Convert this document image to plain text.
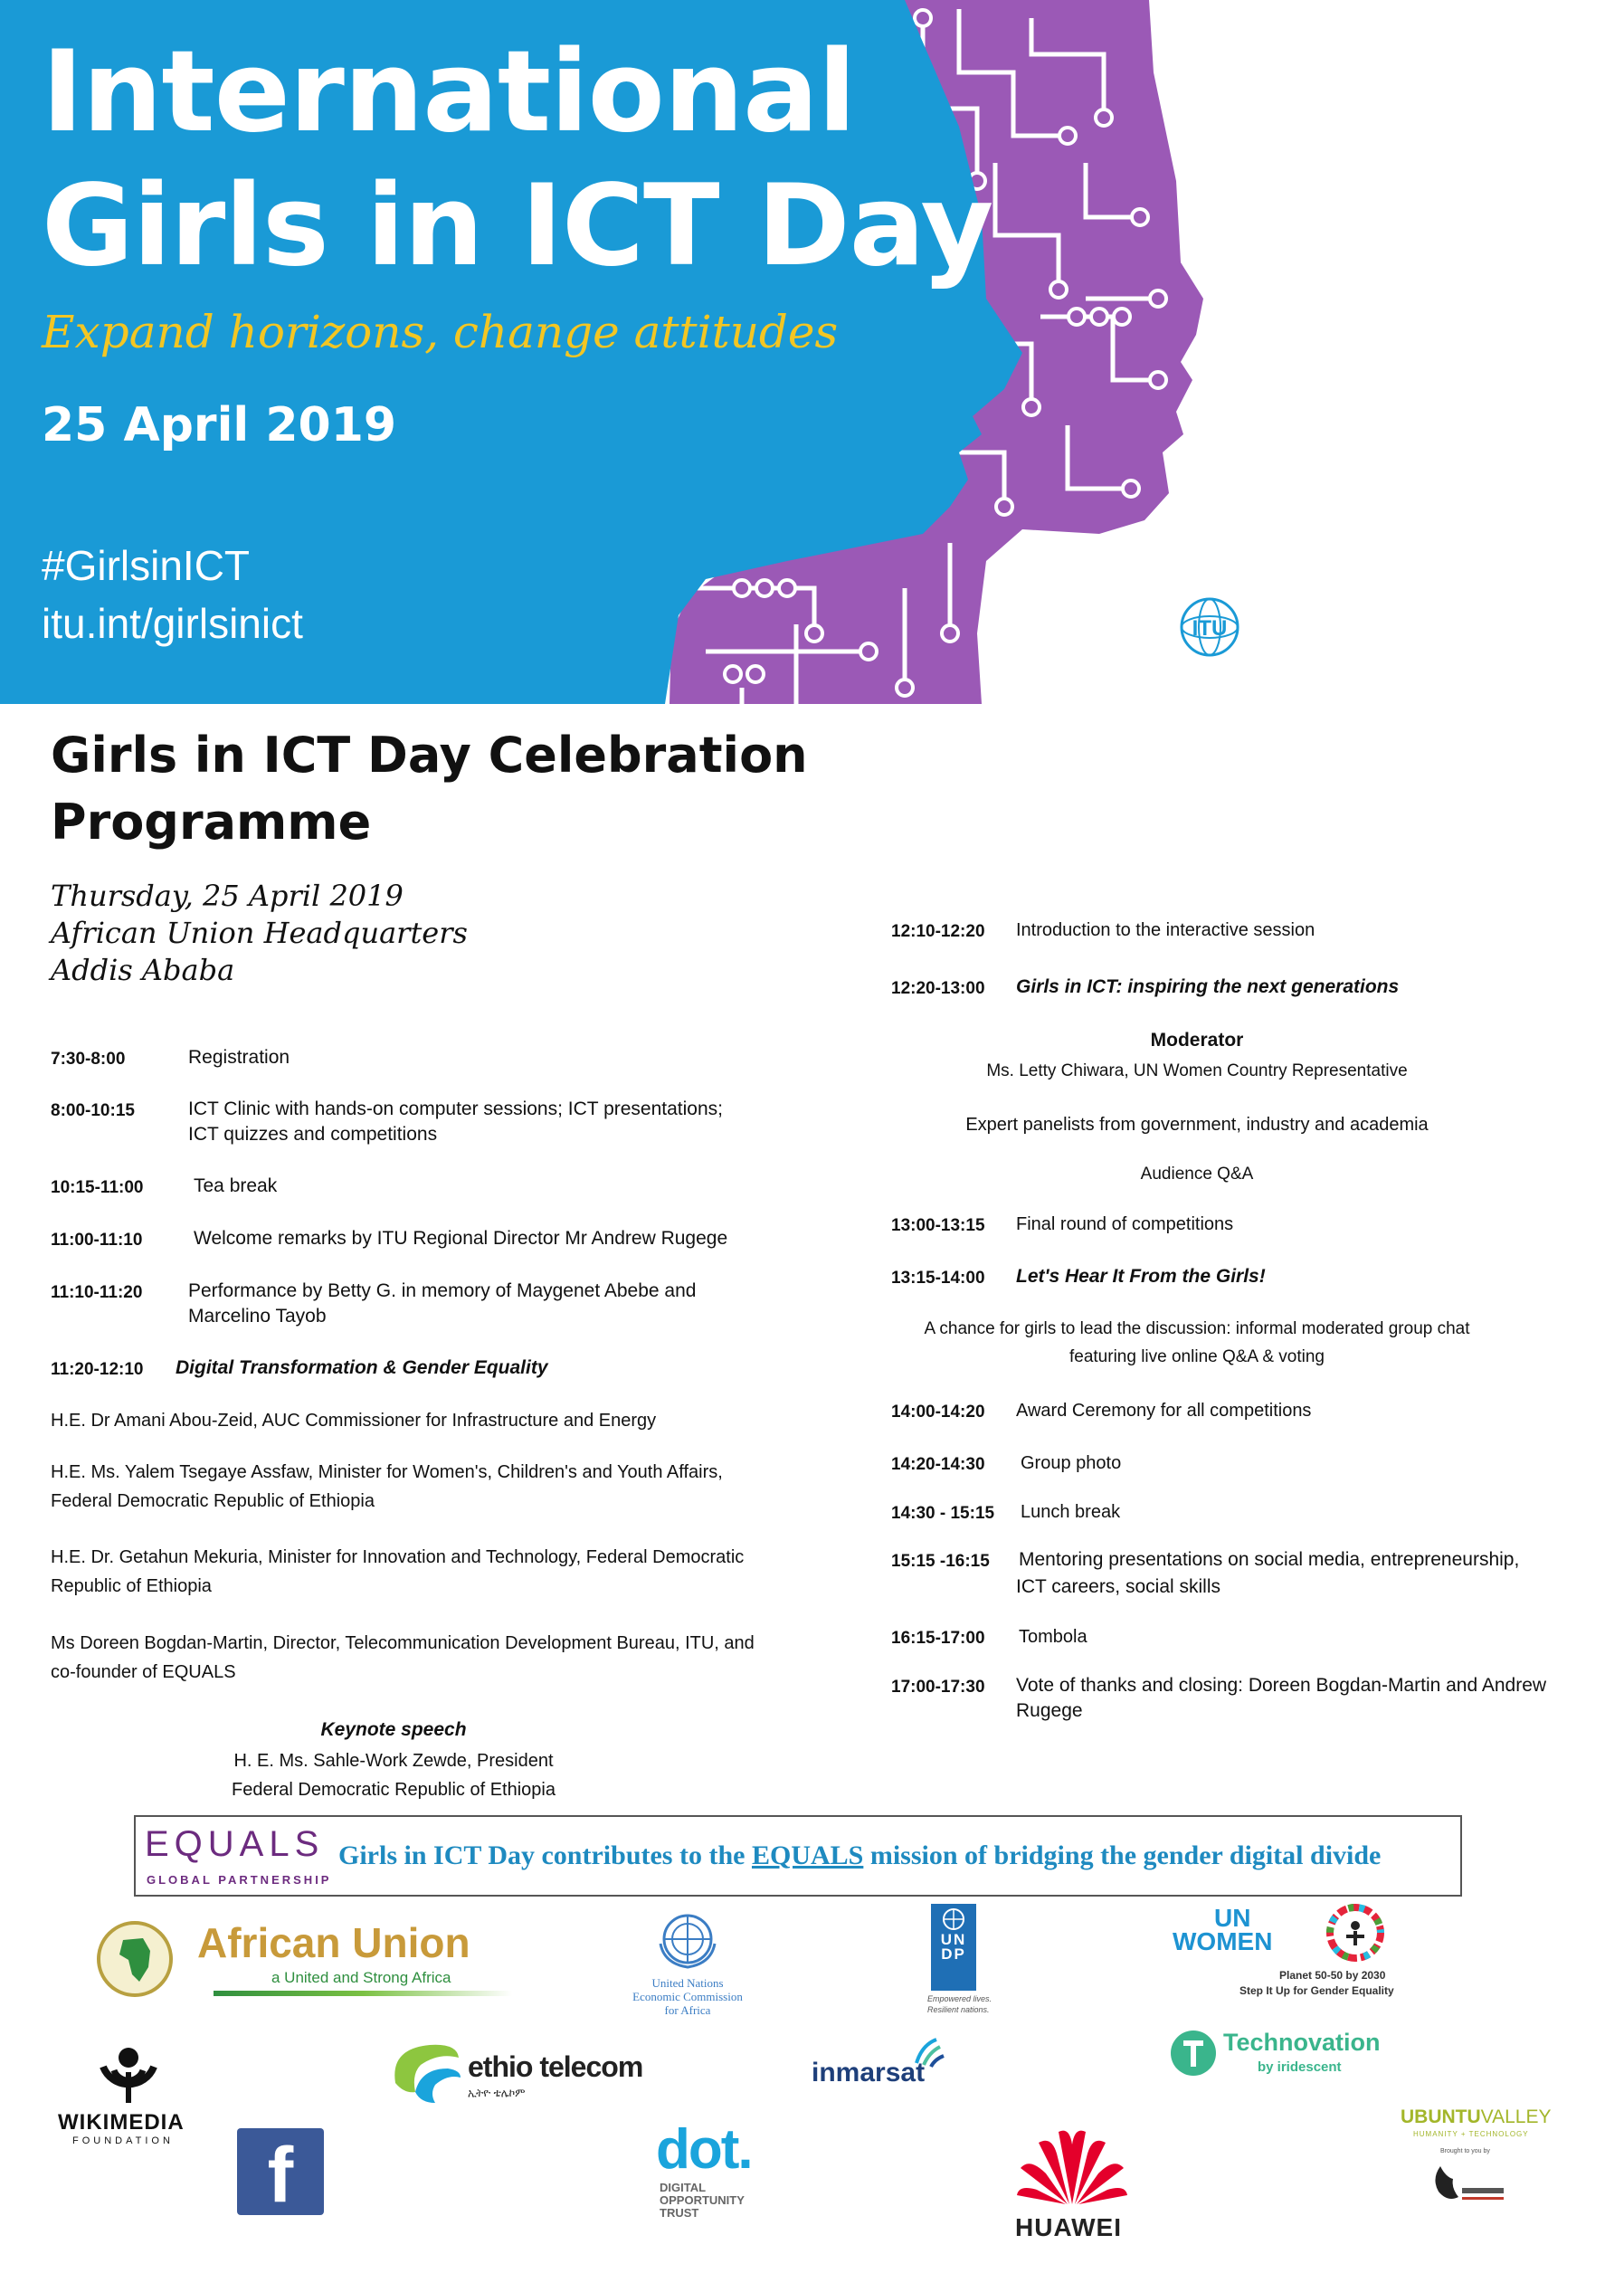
International
Girls in ICT Day
Expand horizons, change attitudes
25 April 2019
#GirlsinICT
itu.int/girlsinict	ITU
Girls in ICT Day Celebration
Programme
Thursday, 25 April 2019
African Union Headquarters
Addis Ababa
7:30-8:00	Registration
8:00-10:15	ICT Clinic with hands-on computer sessions; ICT presentations;
ICT quizzes and competitions
10:15-11:00	Tea break
11:00-11:10	Welcome remarks by ITU Regional Director Mr Andrew Rugege
11:10-11:20 Performance by Betty G. in memory of Maygenet Abebe and
Marcelino Tayob
11:20-12:10 Digital Transformation & Gender Equality
H.E. Dr Amani Abou-Zeid, AUC Commissioner for Infrastructure and Energy
H.E. Ms. Yalem Tsegaye Assfaw, Minister for Women's, Children's and Youth Affairs,
Federal Democratic Republic of Ethiopia
H.E. Dr. Getahun Mekuria, Minister for Innovation and Technology, Federal Democratic
Republic of Ethiopia
Ms Doreen Bogdan-Martin, Director, Telecommunication Development Bureau, ITU, and
co-founder of EQUALS
Keynote speech
H. E. Ms. Sahle-Work Zewde, President
Federal Democratic Republic of Ethiopia
12:10-12:20 Introduction to the interactive session
12:20-13:00 Girls in ICT: inspiring the next generations
Moderator
Ms. Letty Chiwara, UN Women Country Representative
Expert panelists from government, industry and academia
Audience Q&A
13:00-13:15 Final round of competitions
13:15-14:00 Let's Hear It From the Girls!
A chance for girls to lead the discussion: informal moderated group chat
featuring live online Q&A & voting
14:00-14:20 Award Ceremony for all competitions
14:20-14:30 Group photo
14:30 - 15:15 Lunch break
15:15 -16:15 Mentoring presentations on social media, entrepreneurship,
ICT careers, social skills
16:15-17:00 Tombola
17:00-17:30 Vote of thanks and closing: Doreen Bogdan-Martin and Andrew
Rugege
EQUALS
GLOBAL PARTNERSHIP
Girls in ICT Day contributes to the EQUALS mission of bridging the gender digital divide
African Union
a United and Strong Africa	United Nations
Economic Commission
for Africa
UNDP
Empowered lives.
Resilient nations.
UN
WOMEN
Planet 50-50 by 2030
Step It Up for Gender Equality
WIKIMEDIA
FOUNDATION
ethio telecom
ኢትዮ ቴሌኮም
inmarsat
Technovation
by iridescent
f	dot.
DIGITAL
OPPORTUNITY
TRUST
HUAWEI
UBUNTUVALLEY
HUMANITY + TECHNOLOGY
Brought to you by
